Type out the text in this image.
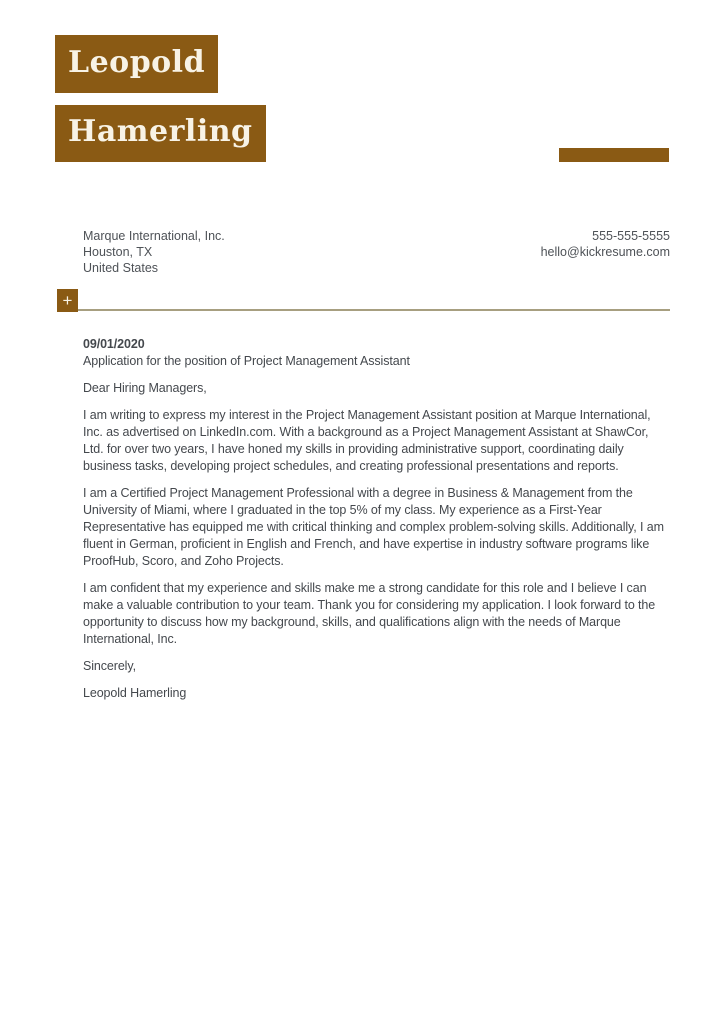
Leopold
Hamerling
Marque International, Inc.
Houston, TX
United States
555-555-5555
hello@kickresume.com
+
09/01/2020
Application for the position of Project Management Assistant
Dear Hiring Managers,

I am writing to express my interest in the Project Management Assistant position at Marque International, Inc. as advertised on LinkedIn.com. With a background as a Project Management Assistant at ShawCor, Ltd. for over two years, I have honed my skills in providing administrative support, coordinating daily business tasks, developing project schedules, and creating professional presentations and reports.

I am a Certified Project Management Professional with a degree in Business & Management from the University of Miami, where I graduated in the top 5% of my class. My experience as a First-Year Representative has equipped me with critical thinking and complex problem-solving skills. Additionally, I am fluent in German, proficient in English and French, and have expertise in industry software programs like ProofHub, Scoro, and Zoho Projects.

I am confident that my experience and skills make me a strong candidate for this role and I believe I can make a valuable contribution to your team. Thank you for considering my application. I look forward to the opportunity to discuss how my background, skills, and qualifications align with the needs of Marque International, Inc.

Sincerely,
Leopold Hamerling
